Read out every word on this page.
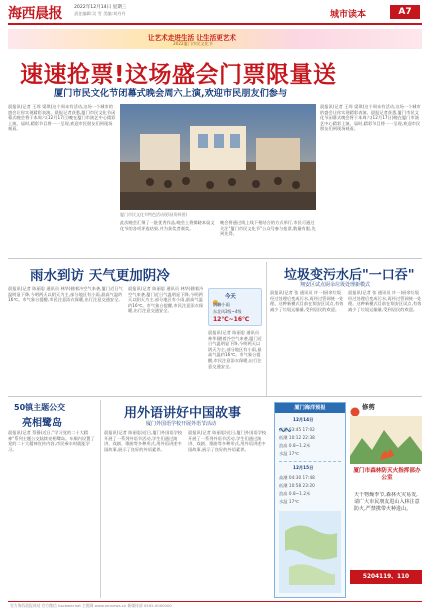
海西晨报	2022年12月14日 星期三
责任编辑:吴 雪 美编:刘丹丹	城市读本	A7
让艺术走进生活 让生活更艺术
2022厦门市民文化节
速速抢票!这场盛会门票限量送
厦门市民文化节闭幕式晚会周六上演,欢迎市民朋友们参与
晨报讯(记者 王琼 梁琪)这个周末有活动,这场一个城市的盛会让你实现精彩表演。晨报记者获悉,厦门市民文化节闭幕式晚会将于本周六(12月17日)晚在厦门市演艺中心精彩上演。届时,精彩节目将一一呈现,欢迎市民朋友们到现场观看。
厦门市民文化节特色活动现场(资料图)
此次晚会汇聚了一批优秀作品,晚会上将揭晓本届文化节的各项评选结果,并为获奖者颁奖。
晚会将通过线上线下相结合的方式举行,市民可通过关注"厦门市民文化节"公众号参与抢票,数量有限,先到先得。
晨报讯(记者 王琼 梁琪)这个周末有活动,这场一个城市的盛会让你实现精彩表演。晨报记者获悉,厦门市民文化节闭幕式晚会将于本周六(12月17日)晚在厦门市演艺中心精彩上演。届时,精彩节目将一一呈现,欢迎市民朋友们到现场观看。
雨水到访 天气更加阴冷
晨报讯(记者 陈丽思 通讯员 林华)随着冷空气来袭,厦门近日气温明显下降,今明两天以阴天为主,部分地区有小雨,最高气温约16℃。市气象台提醒,市民注意添衣保暖,出行注意交通安全。
晨报讯(记者 陈丽思 通讯员 林华)随着冷空气来袭,厦门近日气温明显下降,今明两天以阴天为主,部分地区有小雨,最高气温约16℃。市气象台提醒,市民注意添衣保暖,出行注意交通安全。
今天
阴转小雨
东北风3级~4级
12℃~16℃
晨报讯(记者 陈丽思 通讯员 林华)随着冷空气来袭,厦门近日气温明显下降,今明两天以阴天为主,部分地区有小雨,最高气温约16℃。市气象台提醒,市民注意添衣保暖,出行注意交通安全。
垃圾变污水后"一口吞"
翔安区试点厨余垃圾处理新模式
晨报讯(记者 张 通讯员 许一)厨余垃圾经过处理后变成污水,再经过管网统一处理。这种新模式目前在翔安区试点,有效减少了垃圾运输量,受到居民的欢迎。
晨报讯(记者 张 通讯员 许一)厨余垃圾经过处理后变成污水,再经过管网统一处理。这种新模式目前在翔安区试点,有效减少了垃圾运输量,受到居民的欢迎。
50镇主题公交
亮相鹭岛
晨报讯(记者 蔡静)近日,"学习党的二十大精神"系列主题公交陆续亮相鹭岛。车厢内设置了党的二十大精神宣传内容,市民乘车时就能学习。
用外语讲好中国故事
厦门外国语学校开展外语节活动
晨报讯(记者 陈丽思)近日,厦门外国语学校开展了一系列外语节活动,学生们通过演讲、戏剧、歌曲等多种形式,用外语讲述中国故事,展示了良好的外语素养。
晨报讯(记者 陈丽思)近日,厦门外国语学校开展了一系列外语节活动,学生们通过演讲、戏剧、歌曲等多种形式,用外语讲述中国故事,展示了良好的外语素养。
厦门海洋预报
12月14日
高潮 03:45 17:02
低潮 10:12 22:38
浪高 0.8~1.2米
水温 17℃
12月15日
高潮 04:30 17:48
低潮 10:58 23:20
浪高 0.8~1.2米
水温 17℃
修剪
厦门市森林防灭火指挥部办公室
天干物燥季节,森林火灾易发,请广大市民朋友进山入林注意防火,严禁携带火种进山。
5204119、110
官方海西晨报网站 官方微信 hxcbwechat 主题网 www.xmnews.cn 新媒体部 0592-0000000
